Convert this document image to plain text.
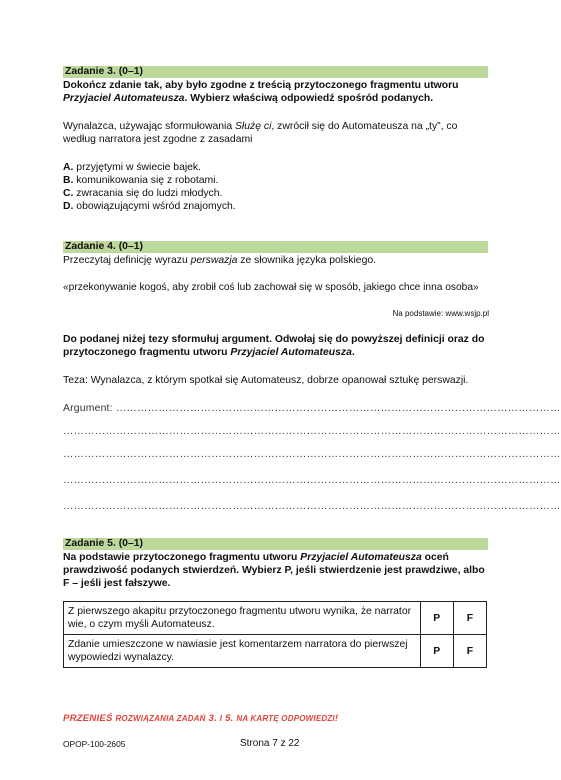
Zadanie 3. (0–1)
Dokończ zdanie tak, aby było zgodne z treścią przytoczonego fragmentu utworu
Przyjaciel Automateusza. Wybierz właściwą odpowiedź spośród podanych.
Wynalazca, używając sformułowania Służę ci, zwrócił się do Automateusza na „ty”, co
według narratora jest zgodne z zasadami
A. przyjętymi w świecie bajek.
B. komunikowania się z robotami.
C. zwracania się do ludzi młodych.
D. obowiązującymi wśród znajomych.
Zadanie 4. (0–1)
Przeczytaj definicję wyrazu perswazja ze słownika języka polskiego.
«przekonywanie kogoś, aby zrobił coś lub zachował się w sposób, jakiego chce inna osoba»
Na podstawie: www.wsjp.pl
Do podanej niżej tezy sformułuj argument. Odwołaj się do powyższej definicji oraz do
przytoczonego fragmentu utworu Przyjaciel Automateusza.
Teza: Wynalazca, z którym spotkał się Automateusz, dobrze opanował sztukę perswazji.
Argument: ………………………………………………………………………………………………………………
……………………………………………………………………………………………………………………………
……………………………………………………………………………………………………………………………
……………………………………………………………………………………………………………………………
……………………………………………………………………………………………………………………………
Zadanie 5. (0–1)
Na podstawie przytoczonego fragmentu utworu Przyjaciel Automateusza oceń
prawdziwość podanych stwierdzeń. Wybierz P, jeśli stwierdzenie jest prawdziwe, albo
F – jeśli jest fałszywe.
Z pierwszego akapitu przytoczonego fragmentu utworu wynika, że narrator
wie, o czym myśli Automateusz.	P	F

Zdanie umieszczone w nawiasie jest komentarzem narratora do pierwszej
wypowiedzi wynalazcy.	P	F
PRZENIEŚ ROZWIĄZANIA ZADAŃ 3. I 5. NA KARTĘ ODPOWIEDZI!
OPOP-100-2605	Strona 7 z 22
